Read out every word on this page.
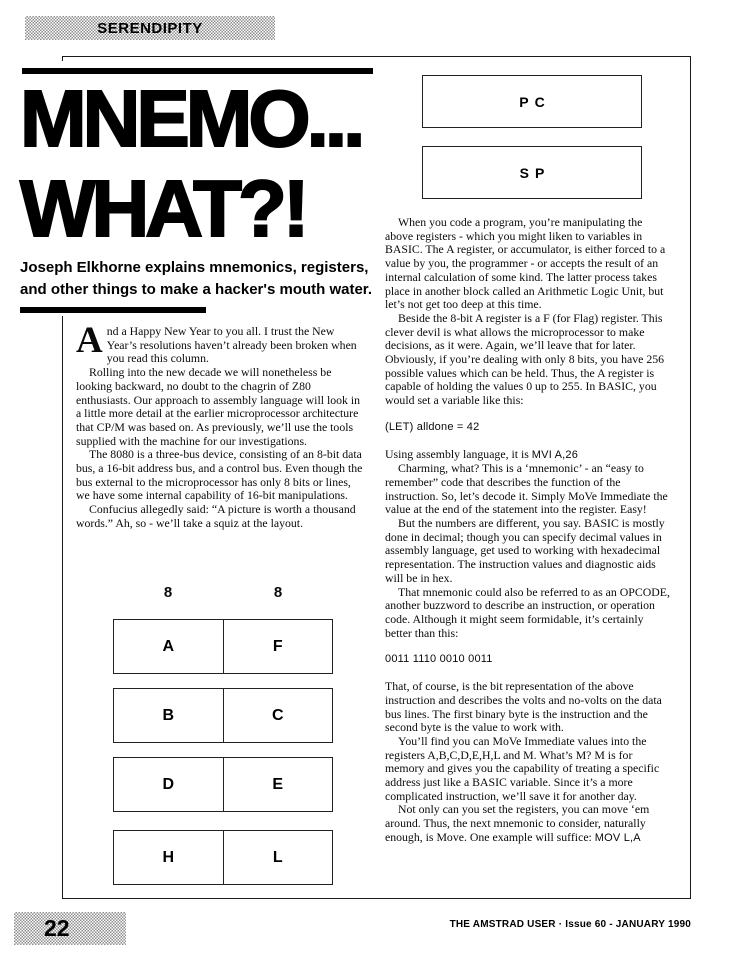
SERENDIPITY
PC
SP
MNEMO...
WHAT?!
Joseph Elkhorne explains mnemonics, registers,
and other things to make a hacker's mouth water.

And a Happy New Year to you all. I trust the New Year’s resolutions haven’t already been broken when you read this column.

Rolling into the new decade we will nonetheless be looking backward, no doubt to the chagrin of Z80 enthusiasts. Our approach to assembly language will look in a little more detail at the earlier microprocessor architecture that CP/M was based on. As previously, we’ll use the tools supplied with the machine for our investigations.

The 8080 is a three-bus device, consisting of an 8-bit data bus, a 16-bit address bus, and a control bus. Even though the bus external to the microprocessor has only 8 bits or lines, we have some internal capability of 16-bit manipulations.

Confucius allegedly said: “A picture is worth a thousand words.” Ah, so - we’ll take a squiz at the layout.

8	8
A	F
B	C
D	E
H	L

When you code a program, you’re manipulating the above registers - which you might liken to variables in BASIC. The A register, or accumulator, is either forced to a value by you, the programmer - or accepts the result of an internal calculation of some kind. The latter process takes place in another block called an Arithmetic Logic Unit, but let’s not get too deep at this time.

Beside the 8-bit A register is a F (for Flag) register. This clever devil is what allows the microprocessor to make decisions, as it were. Again, we’ll leave that for later. Obviously, if you’re dealing with only 8 bits, you have 256 possible values which can be held. Thus, the A register is capable of holding the values 0 up to 255. In BASIC, you would set a variable like this:

(LET) alldone = 42

Using assembly language, it is MVI A,26

Charming, what? This is a ‘mnemonic’ - an “easy to remember” code that describes the function of the instruction. So, let’s decode it. Simply MoVe Immediate the value at the end of the statement into the register. Easy!

But the numbers are different, you say. BASIC is mostly done in decimal; though you can specify decimal values in assembly language, get used to working with hexadecimal representation. The instruction values and diagnostic aids will be in hex.

That mnemonic could also be referred to as an OPCODE, another buzzword to describe an instruction, or operation code. Although it might seem formidable, it’s certainly better than this:

0011 1110 0010 0011

That, of course, is the bit representation of the above instruction and describes the volts and no-volts on the data bus lines. The first binary byte is the instruction and the second byte is the value to work with.

You’ll find you can MoVe Immediate values into the registers A,B,C,D,E,H,L and M. What’s M? M is for memory and gives you the capability of treating a specific address just like a BASIC variable. Since it’s a more complicated instruction, we’ll save it for another day.

Not only can you set the registers, you can move ‘em around. Thus, the next mnemonic to consider, naturally enough, is Move. One example will suffice: MOV L,A

22	THE AMSTRAD USER · Issue 60 - JANUARY 1990
